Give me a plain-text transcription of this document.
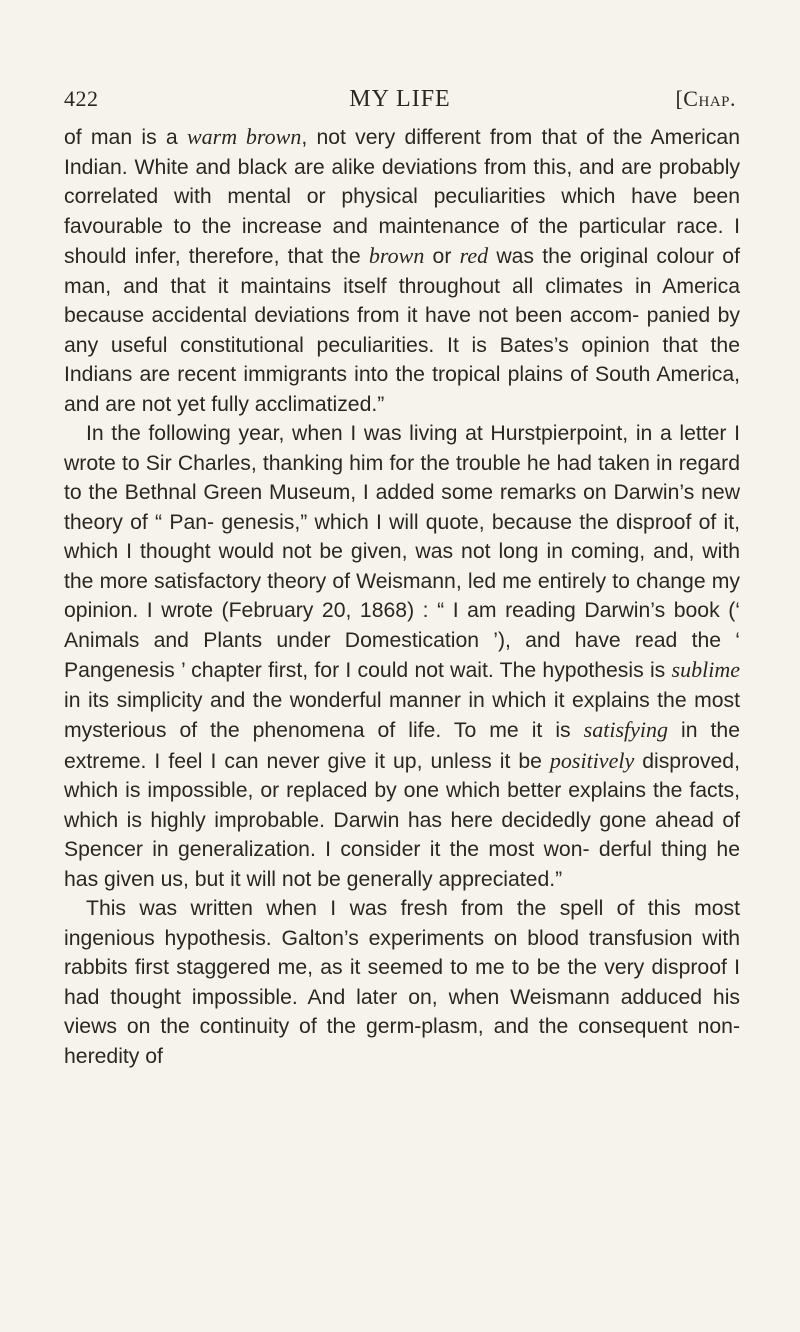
422	MY LIFE	[Chap.

of man is a warm brown, not very different from that of the American Indian. White and black are alike deviations from this, and are probably correlated with mental or physical peculiarities which have been favourable to the increase and maintenance of the particular race. I should infer, therefore, that the brown or red was the original colour of man, and that it maintains itself throughout all climates in America because accidental deviations from it have not been accom- panied by any useful constitutional peculiarities. It is Bates’s opinion that the Indians are recent immigrants into the tropical plains of South America, and are not yet fully acclimatized.”

In the following year, when I was living at Hurstpierpoint, in a letter I wrote to Sir Charles, thanking him for the trouble he had taken in regard to the Bethnal Green Museum, I added some remarks on Darwin’s new theory of “ Pan- genesis,” which I will quote, because the disproof of it, which I thought would not be given, was not long in coming, and, with the more satisfactory theory of Weismann, led me entirely to change my opinion. I wrote (February 20, 1868) : “ I am reading Darwin’s book (‘ Animals and Plants under Domestication ’), and have read the ‘ Pangenesis ’ chapter first, for I could not wait. The hypothesis is sublime in its simplicity and the wonderful manner in which it explains the most mysterious of the phenomena of life. To me it is satisfying in the extreme. I feel I can never give it up, unless it be positively disproved, which is impossible, or replaced by one which better explains the facts, which is highly improbable. Darwin has here decidedly gone ahead of Spencer in generalization. I consider it the most won- derful thing he has given us, but it will not be generally appreciated.”

This was written when I was fresh from the spell of this most ingenious hypothesis. Galton’s experiments on blood transfusion with rabbits first staggered me, as it seemed to me to be the very disproof I had thought impossible. And later on, when Weismann adduced his views on the continuity of the germ-plasm, and the consequent non-heredity of
